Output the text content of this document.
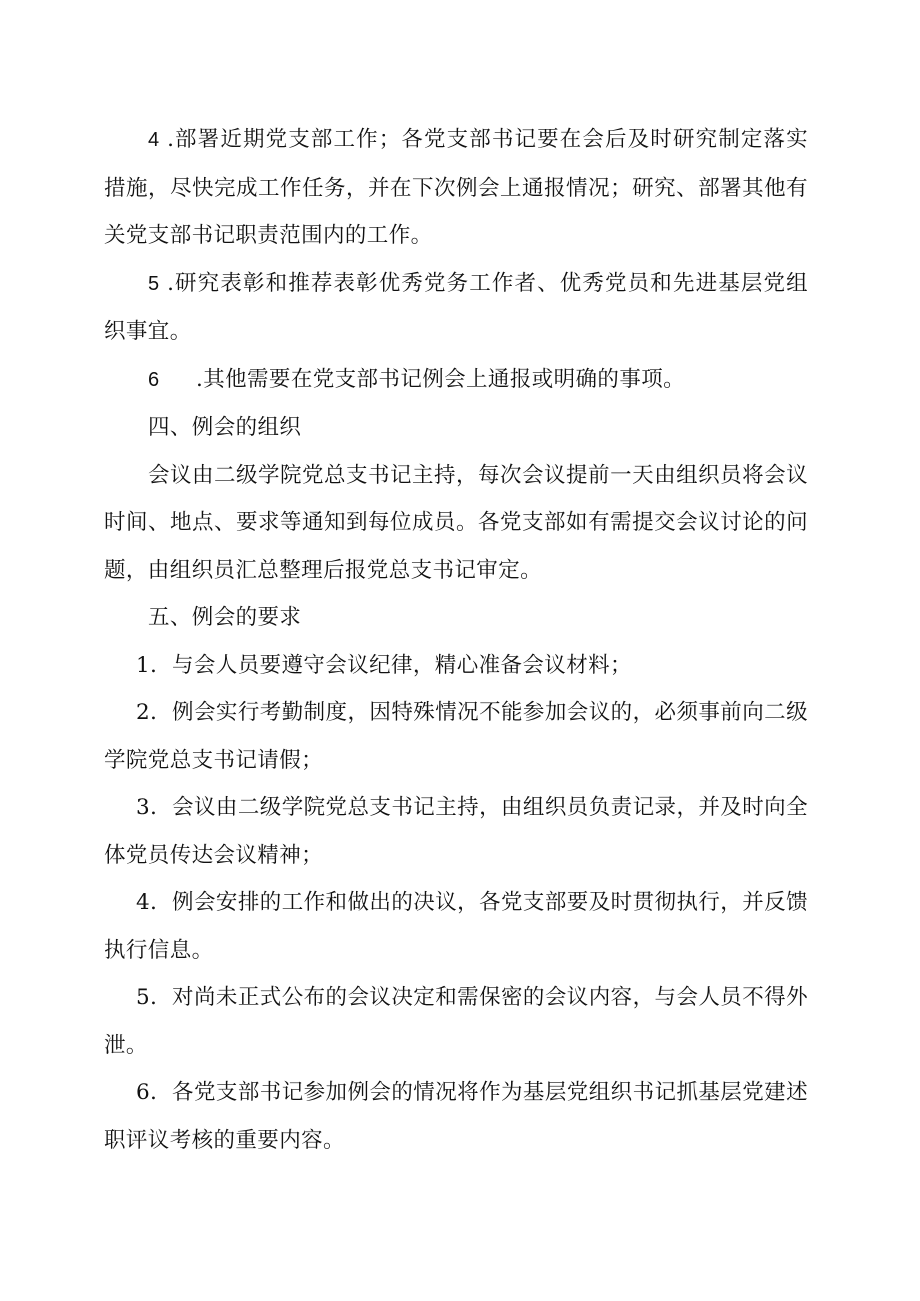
4 .部署近期党支部工作；各党支部书记要在会后及时研究制定落实措施，尽快完成工作任务，并在下次例会上通报情况；研究、部署其他有关党支部书记职责范围内的工作。

5 .研究表彰和推荐表彰优秀党务工作者、优秀党员和先进基层党组织事宜。

6 .其他需要在党支部书记例会上通报或明确的事项。

四、例会的组织

会议由二级学院党总支书记主持，每次会议提前一天由组织员将会议时间、地点、要求等通知到每位成员。各党支部如有需提交会议讨论的问题，由组织员汇总整理后报党总支书记审定。

五、例会的要求

1．与会人员要遵守会议纪律，精心准备会议材料；

2．例会实行考勤制度，因特殊情况不能参加会议的，必须事前向二级学院党总支书记请假；

3．会议由二级学院党总支书记主持，由组织员负责记录，并及时向全体党员传达会议精神；

4．例会安排的工作和做出的决议，各党支部要及时贯彻执行，并反馈执行信息。

5．对尚未正式公布的会议决定和需保密的会议内容，与会人员不得外泄。

6．各党支部书记参加例会的情况将作为基层党组织书记抓基层党建述职评议考核的重要内容。
